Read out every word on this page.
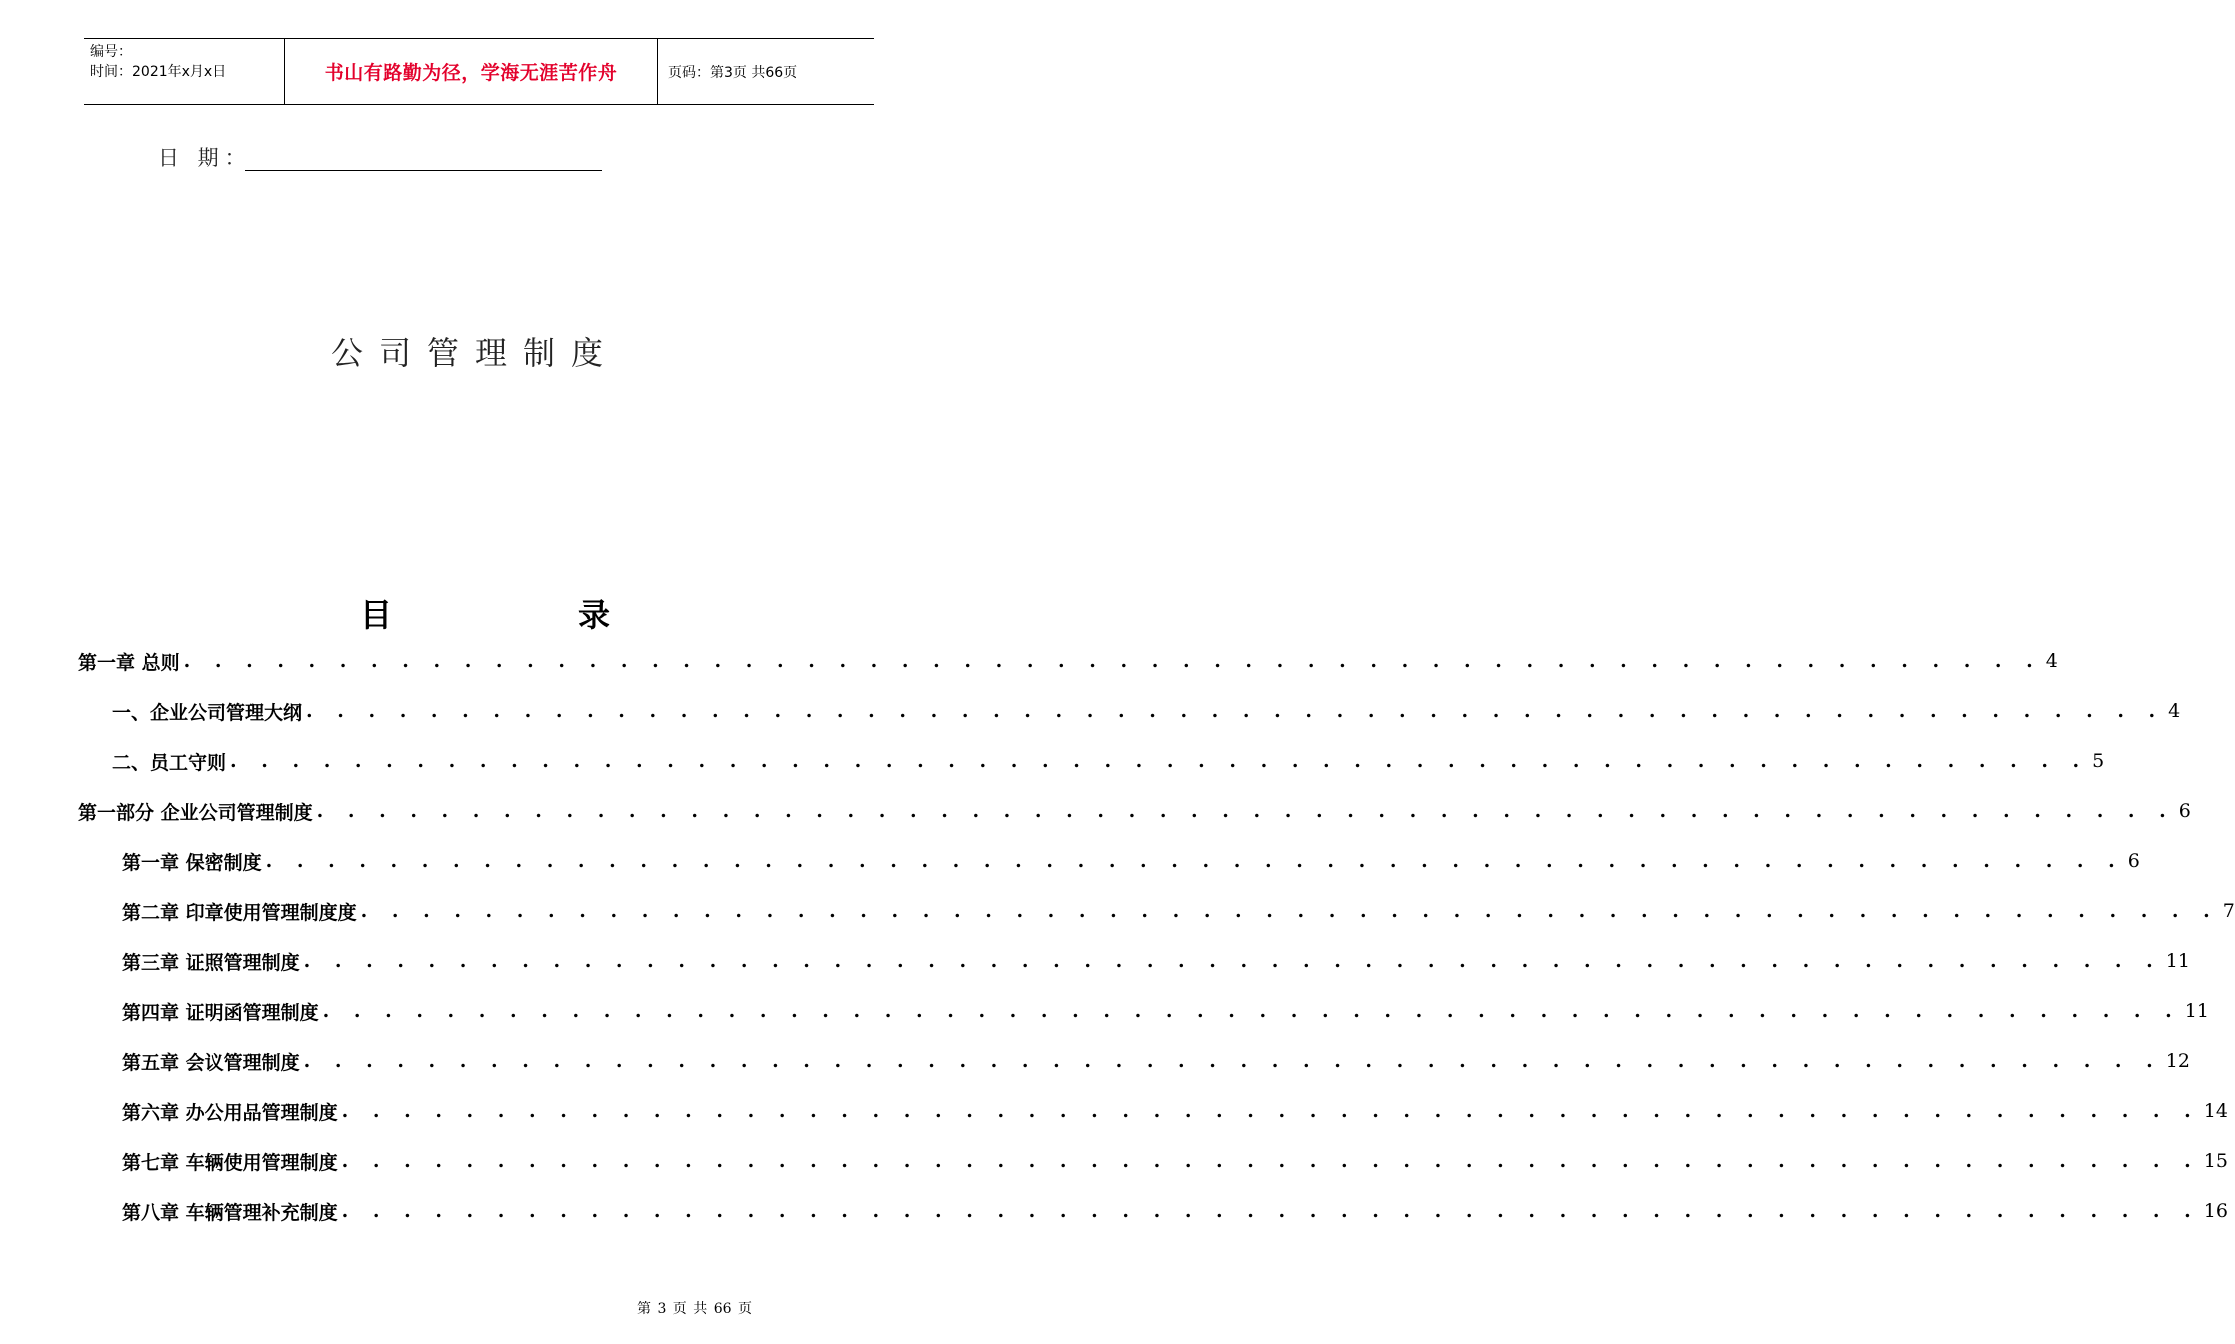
编号：
时间：2021年x月x日	书山有路勤为径，学海无涯苦作舟	页码：第3页 共66页
日 期：
公司管理制度
目	录
第一章 总则 . . . . . . . . . . . . . . . . . . . . . . . . . . . . . . . . . . . . . . . . . . . . . . . . . . . . . . . . . . . . 4
一、企业公司管理大纲 . . . . . . . . . . . . . . . . . . . . . . . . . . . . . . . . . . . . . . . . . . . . . . . . . . . . . . . . . . . . 4
二、员工守则 . . . . . . . . . . . . . . . . . . . . . . . . . . . . . . . . . . . . . . . . . . . . . . . . . . . . . . . . . . . . 5
第一部分 企业公司管理制度 . . . . . . . . . . . . . . . . . . . . . . . . . . . . . . . . . . . . . . . . . . . . . . . . . . . . . . . . . . . . 6
第一章 保密制度 . . . . . . . . . . . . . . . . . . . . . . . . . . . . . . . . . . . . . . . . . . . . . . . . . . . . . . . . . . . . 6
第二章 印章使用管理制度度 . . . . . . . . . . . . . . . . . . . . . . . . . . . . . . . . . . . . . . . . . . . . . . . . . . . . . . . . . . . . 7
第三章 证照管理制度 . . . . . . . . . . . . . . . . . . . . . . . . . . . . . . . . . . . . . . . . . . . . . . . . . . . . . . . . . . . . 11
第四章 证明函管理制度 . . . . . . . . . . . . . . . . . . . . . . . . . . . . . . . . . . . . . . . . . . . . . . . . . . . . . . . . . . . . 11
第五章 会议管理制度 . . . . . . . . . . . . . . . . . . . . . . . . . . . . . . . . . . . . . . . . . . . . . . . . . . . . . . . . . . . . 12
第六章 办公用品管理制度 . . . . . . . . . . . . . . . . . . . . . . . . . . . . . . . . . . . . . . . . . . . . . . . . . . . . . . . . . . . . 14
第七章 车辆使用管理制度 . . . . . . . . . . . . . . . . . . . . . . . . . . . . . . . . . . . . . . . . . . . . . . . . . . . . . . . . . . . . 15
第八章 车辆管理补充制度 . . . . . . . . . . . . . . . . . . . . . . . . . . . . . . . . . . . . . . . . . . . . . . . . . . . . . . . . . . . . 16
第 3 页 共 66 页
